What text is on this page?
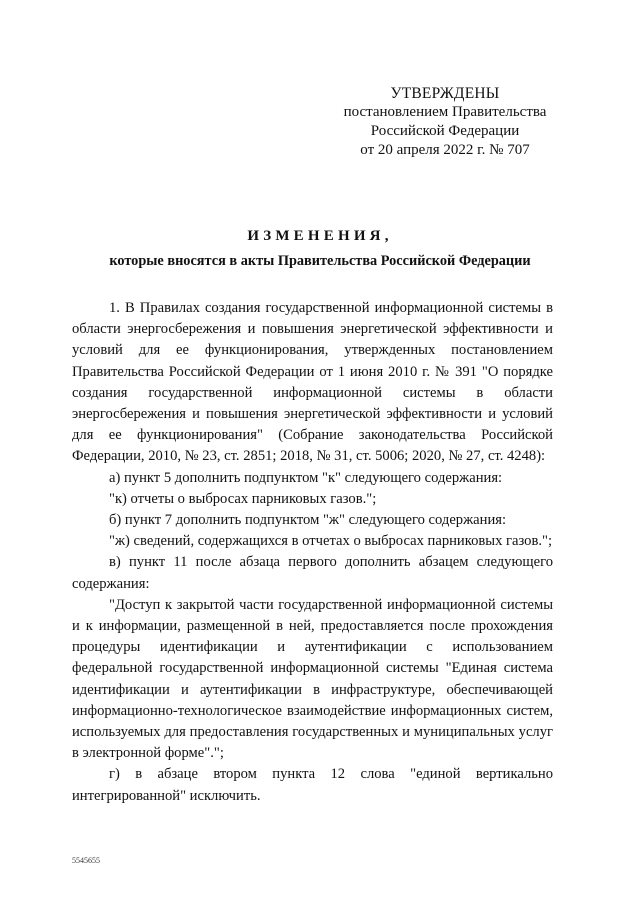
УТВЕРЖДЕНЫ
постановлением Правительства
Российской Федерации
от 20 апреля 2022 г. № 707
ИЗМЕНЕНИЯ,
которые вносятся в акты Правительства Российской Федерации

1. В Правилах создания государственной информационной системы в области энергосбережения и повышения энергетической эффективности и условий для ее функционирования, утвержденных постановлением Правительства Российской Федерации от 1 июня 2010 г. № 391 "О порядке создания государственной информационной системы в области энергосбережения и повышения энергетической эффективности и условий для ее функционирования" (Собрание законодательства Российской Федерации, 2010, № 23, ст. 2851; 2018, № 31, ст. 5006; 2020, № 27, ст. 4248):

а) пункт 5 дополнить подпунктом "к" следующего содержания:

"к) отчеты о выбросах парниковых газов.";

б) пункт 7 дополнить подпунктом "ж" следующего содержания:

"ж) сведений, содержащихся в отчетах о выбросах парниковых газов.";

в) пункт 11 после абзаца первого дополнить абзацем следующего содержания:

"Доступ к закрытой части государственной информационной системы и к информации, размещенной в ней, предоставляется после прохождения процедуры идентификации и аутентификации с использованием федеральной государственной информационной системы "Единая система идентификации и аутентификации в инфраструктуре, обеспечивающей информационно-технологическое взаимодействие информационных систем, используемых для предоставления государственных и муниципальных услуг в электронной форме".";

г) в абзаце втором пункта 12 слова "единой вертикально интегрированной" исключить.

5545655
